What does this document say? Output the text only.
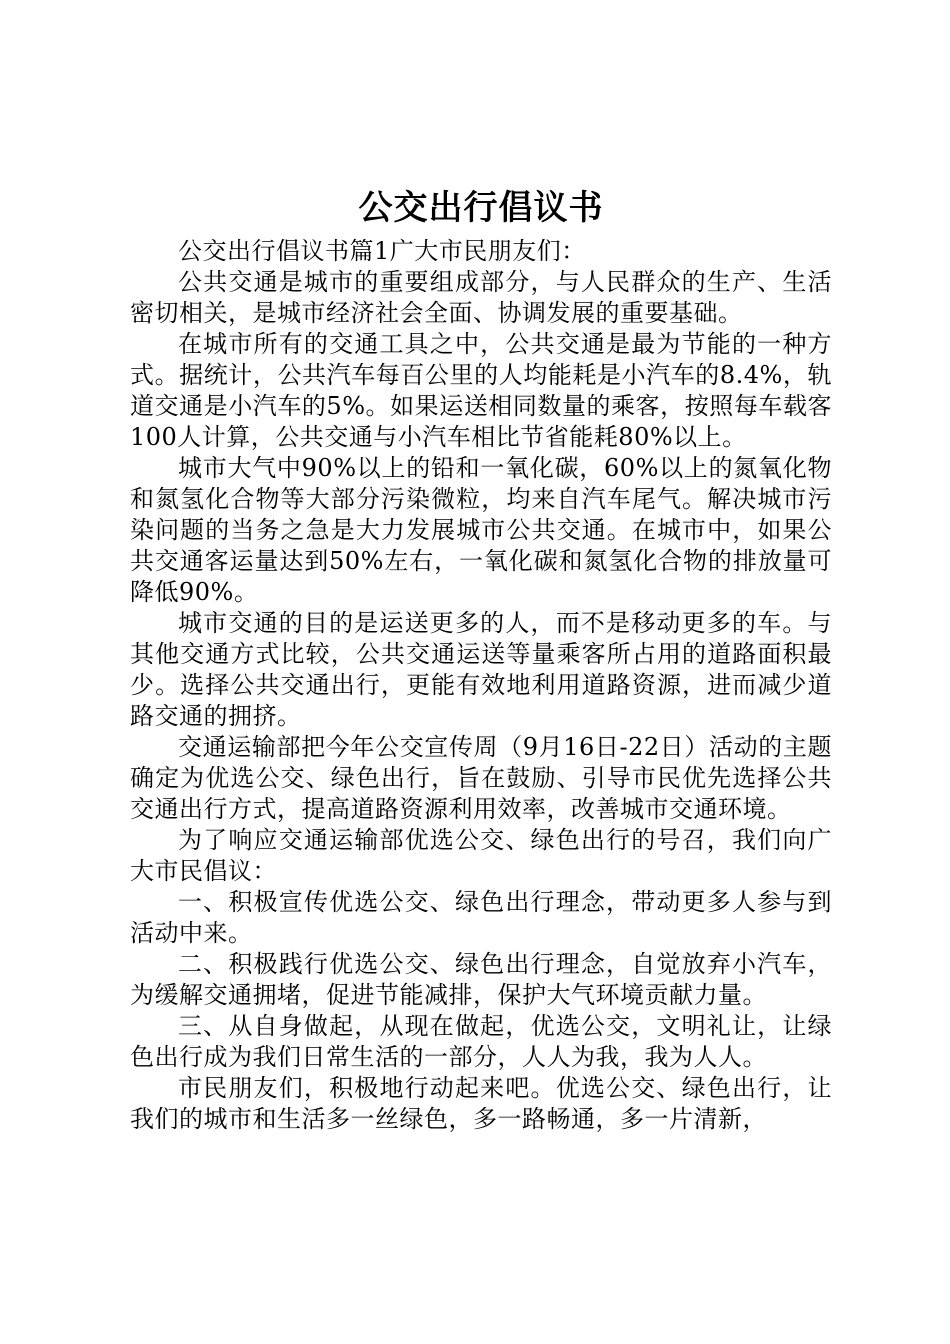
公交出行倡议书

公交出行倡议书篇1广大市民朋友们：

公共交通是城市的重要组成部分，与人民群众的生产、生活密切相关，是城市经济社会全面、协调发展的重要基础。

在城市所有的交通工具之中，公共交通是最为节能的一种方式。据统计，公共汽车每百公里的人均能耗是小汽车的8.4%，轨道交通是小汽车的5%。如果运送相同数量的乘客，按照每车载客100人计算，公共交通与小汽车相比节省能耗80%以上。

城市大气中90%以上的铅和一氧化碳，60%以上的氮氧化物和氮氢化合物等大部分污染微粒，均来自汽车尾气。解决城市污染问题的当务之急是大力发展城市公共交通。在城市中，如果公共交通客运量达到50%左右，一氧化碳和氮氢化合物的排放量可降低90%。

城市交通的目的是运送更多的人，而不是移动更多的车。与其他交通方式比较，公共交通运送等量乘客所占用的道路面积最少。选择公共交通出行，更能有效地利用道路资源，进而减少道路交通的拥挤。

交通运输部把今年公交宣传周（9月16日-22日）活动的主题确定为优选公交、绿色出行，旨在鼓励、引导市民优先选择公共交通出行方式，提高道路资源利用效率，改善城市交通环境。

为了响应交通运输部优选公交、绿色出行的号召，我们向广大市民倡议：

一、积极宣传优选公交、绿色出行理念，带动更多人参与到活动中来。

二、积极践行优选公交、绿色出行理念，自觉放弃小汽车，为缓解交通拥堵，促进节能减排，保护大气环境贡献力量。

三、从自身做起，从现在做起，优选公交，文明礼让，让绿色出行成为我们日常生活的一部分，人人为我，我为人人。

市民朋友们，积极地行动起来吧。优选公交、绿色出行，让我们的城市和生活多一丝绿色，多一路畅通，多一片清新，
